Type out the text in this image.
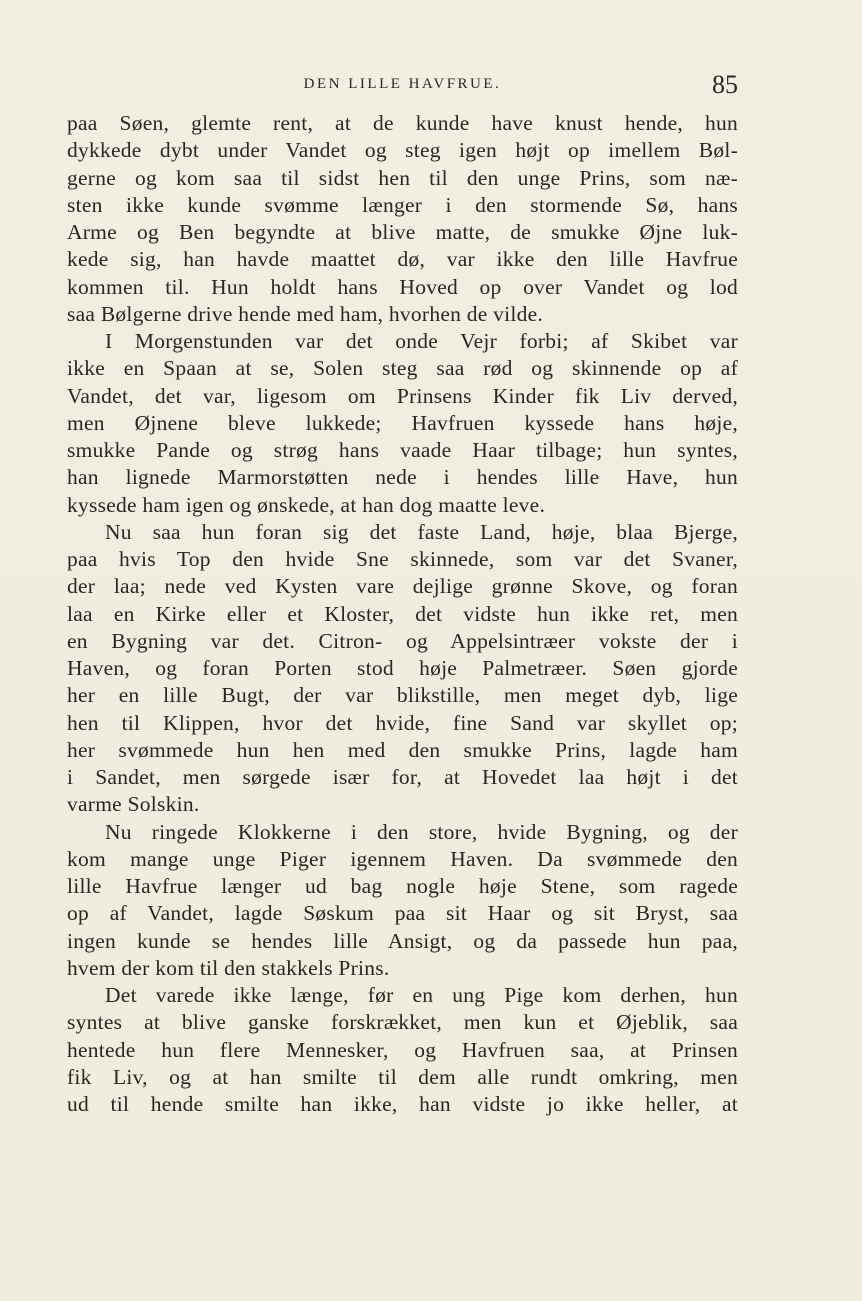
DEN LILLE HAVFRUE.	85
paa Søen, glemte rent, at de kunde have knust hende, hun
dykkede dybt under Vandet og steg igen højt op imellem Bøl-
gerne og kom saa til sidst hen til den unge Prins, som næ-
sten ikke kunde svømme længer i den stormende Sø, hans
Arme og Ben begyndte at blive matte, de smukke Øjne luk-
kede sig, han havde maattet dø, var ikke den lille Havfrue
kommen til. Hun holdt hans Hoved op over Vandet og lod
saa Bølgerne drive hende med ham, hvorhen de vilde.
I Morgenstunden var det onde Vejr forbi; af Skibet var
ikke en Spaan at se, Solen steg saa rød og skinnende op af
Vandet, det var, ligesom om Prinsens Kinder fik Liv derved,
men Øjnene bleve lukkede; Havfruen kyssede hans høje,
smukke Pande og strøg hans vaade Haar tilbage; hun syntes,
han lignede Marmorstøtten nede i hendes lille Have, hun
kyssede ham igen og ønskede, at han dog maatte leve.
Nu saa hun foran sig det faste Land, høje, blaa Bjerge,
paa hvis Top den hvide Sne skinnede, som var det Svaner,
der laa; nede ved Kysten vare dejlige grønne Skove, og foran
laa en Kirke eller et Kloster, det vidste hun ikke ret, men
en Bygning var det. Citron- og Appelsintræer vokste der i
Haven, og foran Porten stod høje Palmetræer. Søen gjorde
her en lille Bugt, der var blikstille, men meget dyb, lige
hen til Klippen, hvor det hvide, fine Sand var skyllet op;
her svømmede hun hen med den smukke Prins, lagde ham
i Sandet, men sørgede især for, at Hovedet laa højt i det
varme Solskin.
Nu ringede Klokkerne i den store, hvide Bygning, og der
kom mange unge Piger igennem Haven. Da svømmede den
lille Havfrue længer ud bag nogle høje Stene, som ragede
op af Vandet, lagde Søskum paa sit Haar og sit Bryst, saa
ingen kunde se hendes lille Ansigt, og da passede hun paa,
hvem der kom til den stakkels Prins.
Det varede ikke længe, før en ung Pige kom derhen, hun
syntes at blive ganske forskrækket, men kun et Øjeblik, saa
hentede hun flere Mennesker, og Havfruen saa, at Prinsen
fik Liv, og at han smilte til dem alle rundt omkring, men
ud til hende smilte han ikke, han vidste jo ikke heller, at
